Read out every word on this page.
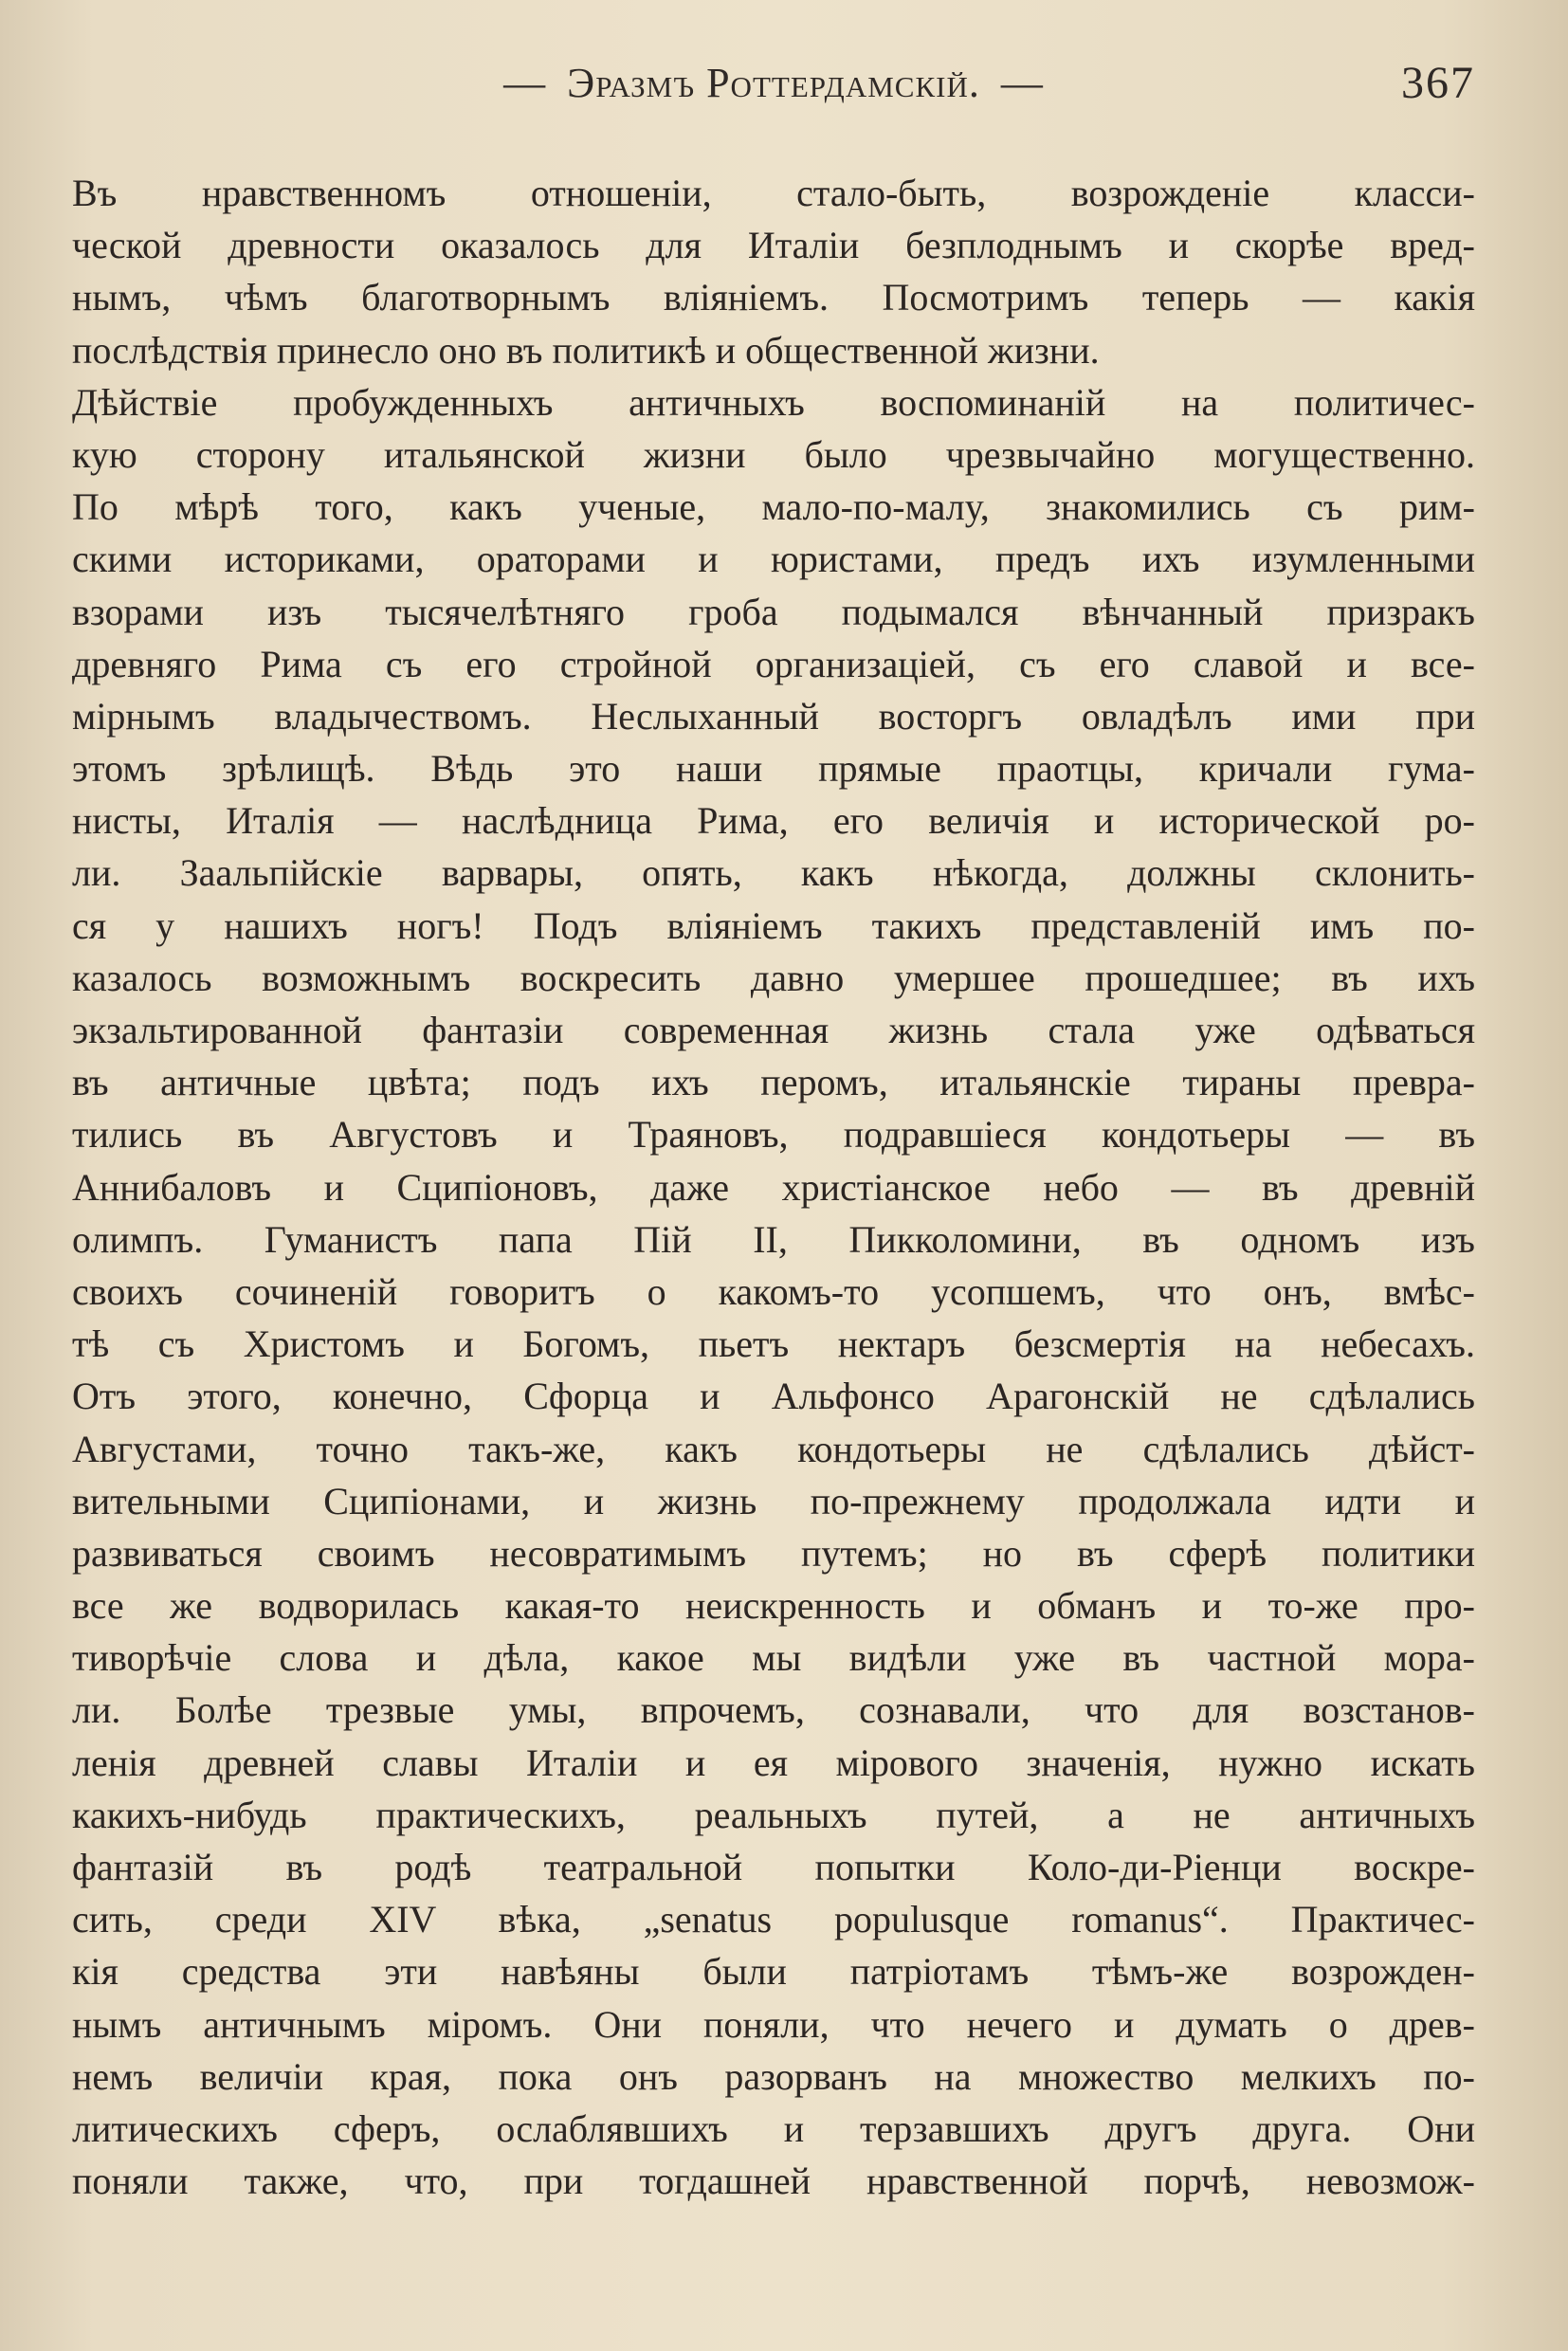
— Эразмъ Роттердамскій. —	367
Въ нравственномъ отношеніи, стало-быть, возрожденіе класси-
ческой древности оказалось для Италіи безплоднымъ и скорѣе вред-
нымъ, чѣмъ благотворнымъ вліяніемъ. Посмотримъ теперь — какія
послѣдствія принесло оно въ политикѣ и общественной жизни.
Дѣйствіе пробужденныхъ античныхъ воспоминаній на политичес-
кую сторону итальянской жизни было чрезвычайно могущественно.
По мѣрѣ того, какъ ученые, мало-по-малу, знакомились съ рим-
скими историками, ораторами и юристами, предъ ихъ изумленными
взорами изъ тысячелѣтняго гроба подымался вѣнчанный призракъ
древняго Рима съ его стройной организаціей, съ его славой и все-
мірнымъ владычествомъ. Неслыханный восторгъ овладѣлъ ими при
этомъ зрѣлищѣ. Вѣдь это наши прямые праотцы, кричали гума-
нисты, Италія — наслѣдница Рима, его величія и исторической ро-
ли. Заальпійскіе варвары, опять, какъ нѣкогда, должны склонить-
ся у нашихъ ногъ! Подъ вліяніемъ такихъ представленій имъ по-
казалось возможнымъ воскресить давно умершее прошедшее; въ ихъ
экзальтированной фантазіи современная жизнь стала уже одѣваться
въ античные цвѣта; подъ ихъ перомъ, итальянскіе тираны превра-
тились въ Августовъ и Траяновъ, подравшіеся кондотьеры — въ
Аннибаловъ и Сципіоновъ, даже христіанское небо — въ древній
олимпъ. Гуманистъ папа Пій II, Пикколомини, въ одномъ изъ
своихъ сочиненій говоритъ о какомъ-то усопшемъ, что онъ, вмѣс-
тѣ съ Христомъ и Богомъ, пьетъ нектаръ безсмертія на небесахъ.
Отъ этого, конечно, Сфорца и Альфонсо Арагонскій не сдѣлались
Августами, точно такъ-же, какъ кондотьеры не сдѣлались дѣйст-
вительными Сципіонами, и жизнь по-прежнему продолжала идти и
развиваться своимъ несовратимымъ путемъ; но въ сферѣ политики
все же водворилась какая-то неискренность и обманъ и то-же про-
тиворѣчіе слова и дѣла, какое мы видѣли уже въ частной мора-
ли. Болѣе трезвые умы, впрочемъ, сознавали, что для возстанов-
ленія древней славы Италіи и ея мірового значенія, нужно искать
какихъ-нибудь практическихъ, реальныхъ путей, а не античныхъ
фантазій въ родѣ театральной попытки Коло-ди-Ріенци воскре-
сить, среди XIV вѣка, „senatus populusque romanus“. Практичес-
кія средства эти навѣяны были патріотамъ тѣмъ-же возрожден-
нымъ античнымъ міромъ. Они поняли, что нечего и думать о древ-
немъ величіи края, пока онъ разорванъ на множество мелкихъ по-
литическихъ сферъ, ослаблявшихъ и терзавшихъ другъ друга. Они
поняли также, что, при тогдашней нравственной порчѣ, невозмож-
